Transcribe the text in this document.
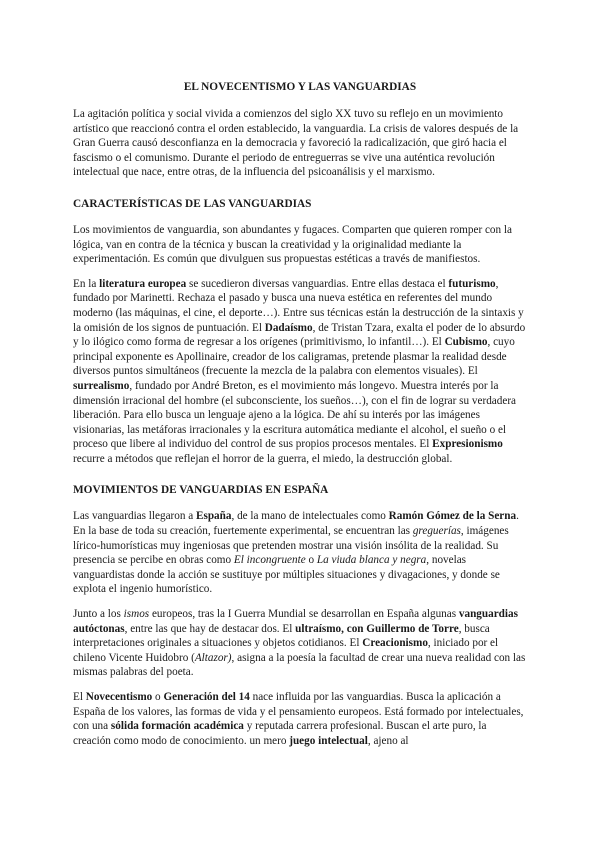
EL NOVECENTISMO Y LAS VANGUARDIAS

La agitación política y social vivida a comienzos del siglo XX tuvo su reflejo en un movimiento artístico que reaccionó contra el orden establecido, la vanguardia. La crisis de valores después de la Gran Guerra causó desconfianza en la democracia y favoreció la radicalización, que giró hacia el fascismo o el comunismo. Durante el periodo de entreguerras se vive una auténtica revolución intelectual que nace, entre otras, de la influencia del psicoanálisis y el marxismo.

CARACTERÍSTICAS DE LAS VANGUARDIAS

Los movimientos de vanguardia, son abundantes y fugaces. Comparten que quieren romper con la lógica, van en contra de la técnica y buscan la creatividad y la originalidad mediante la experimentación. Es común que divulguen sus propuestas estéticas a través de manifiestos.

En la literatura europea se sucedieron diversas vanguardias. Entre ellas destaca el futurismo, fundado por Marinetti. Rechaza el pasado y busca una nueva estética en referentes del mundo moderno (las máquinas, el cine, el deporte…). Entre sus técnicas están la destrucción de la sintaxis y la omisión de los signos de puntuación. El Dadaísmo, de Tristan Tzara, exalta el poder de lo absurdo y lo ilógico como forma de regresar a los orígenes (primitivismo, lo infantil…). El Cubismo, cuyo principal exponente es Apollinaire, creador de los caligramas, pretende plasmar la realidad desde diversos puntos simultáneos (frecuente la mezcla de la palabra con elementos visuales). El surrealismo, fundado por André Breton, es el movimiento más longevo. Muestra interés por la dimensión irracional del hombre (el subconsciente, los sueños…), con el fin de lograr su verdadera liberación. Para ello busca un lenguaje ajeno a la lógica. De ahí su interés por las imágenes visionarias, las metáforas irracionales y la escritura automática mediante el alcohol, el sueño o el proceso que libere al individuo del control de sus propios procesos mentales. El Expresionismo recurre a métodos que reflejan el horror de la guerra, el miedo, la destrucción global.

MOVIMIENTOS DE VANGUARDIAS EN ESPAÑA

Las vanguardias llegaron a España, de la mano de intelectuales como Ramón Gómez de la Serna. En la base de toda su creación, fuertemente experimental, se encuentran las greguerías, imágenes lírico-humorísticas muy ingeniosas que pretenden mostrar una visión insólita de la realidad. Su presencia se percibe en obras como El incongruente o La viuda blanca y negra, novelas vanguardistas donde la acción se sustituye por múltiples situaciones y divagaciones, y donde se explota el ingenio humorístico.

Junto a los ismos europeos, tras la I Guerra Mundial se desarrollan en España algunas vanguardias autóctonas, entre las que hay de destacar dos. El ultraísmo, con Guillermo de Torre, busca interpretaciones originales a situaciones y objetos cotidianos. El Creacionismo, iniciado por el chileno Vicente Huidobro (Altazor), asigna a la poesía la facultad de crear una nueva realidad con las mismas palabras del poeta.

El Novecentismo o Generación del 14 nace influida por las vanguardias. Busca la aplicación a España de los valores, las formas de vida y el pensamiento europeos. Está formado por intelectuales, con una sólida formación académica y reputada carrera profesional. Buscan el arte puro, la creación como modo de conocimiento. un mero juego intelectual, ajeno al
